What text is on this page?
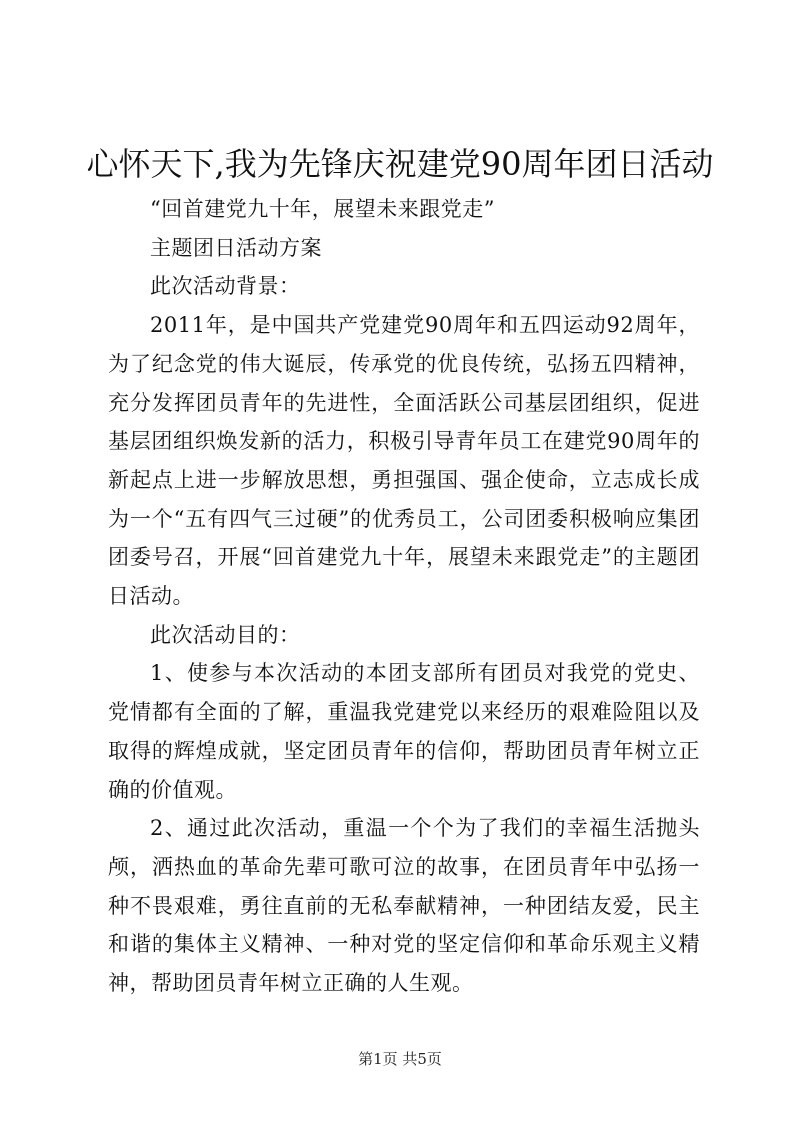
心怀天下,我为先锋庆祝建党90周年团日活动

“回首建党九十年，展望未来跟党走”

主题团日活动方案

此次活动背景：

2011年，是中国共产党建党90周年和五四运动92周年，为了纪念党的伟大诞辰，传承党的优良传统，弘扬五四精神，充分发挥团员青年的先进性，全面活跃公司基层团组织，促进基层团组织焕发新的活力，积极引导青年员工在建党90周年的新起点上进一步解放思想，勇担强国、强企使命，立志成长成为一个“五有四气三过硬”的优秀员工，公司团委积极响应集团团委号召，开展“回首建党九十年，展望未来跟党走”的主题团日活动。

此次活动目的：

1、使参与本次活动的本团支部所有团员对我党的党史、党情都有全面的了解，重温我党建党以来经历的艰难险阻以及取得的辉煌成就，坚定团员青年的信仰，帮助团员青年树立正确的价值观。

2、通过此次活动，重温一个个为了我们的幸福生活抛头颅，洒热血的革命先辈可歌可泣的故事，在团员青年中弘扬一种不畏艰难，勇往直前的无私奉献精神，一种团结友爱，民主和谐的集体主义精神、一种对党的坚定信仰和革命乐观主义精神，帮助团员青年树立正确的人生观。

第1页 共5页
